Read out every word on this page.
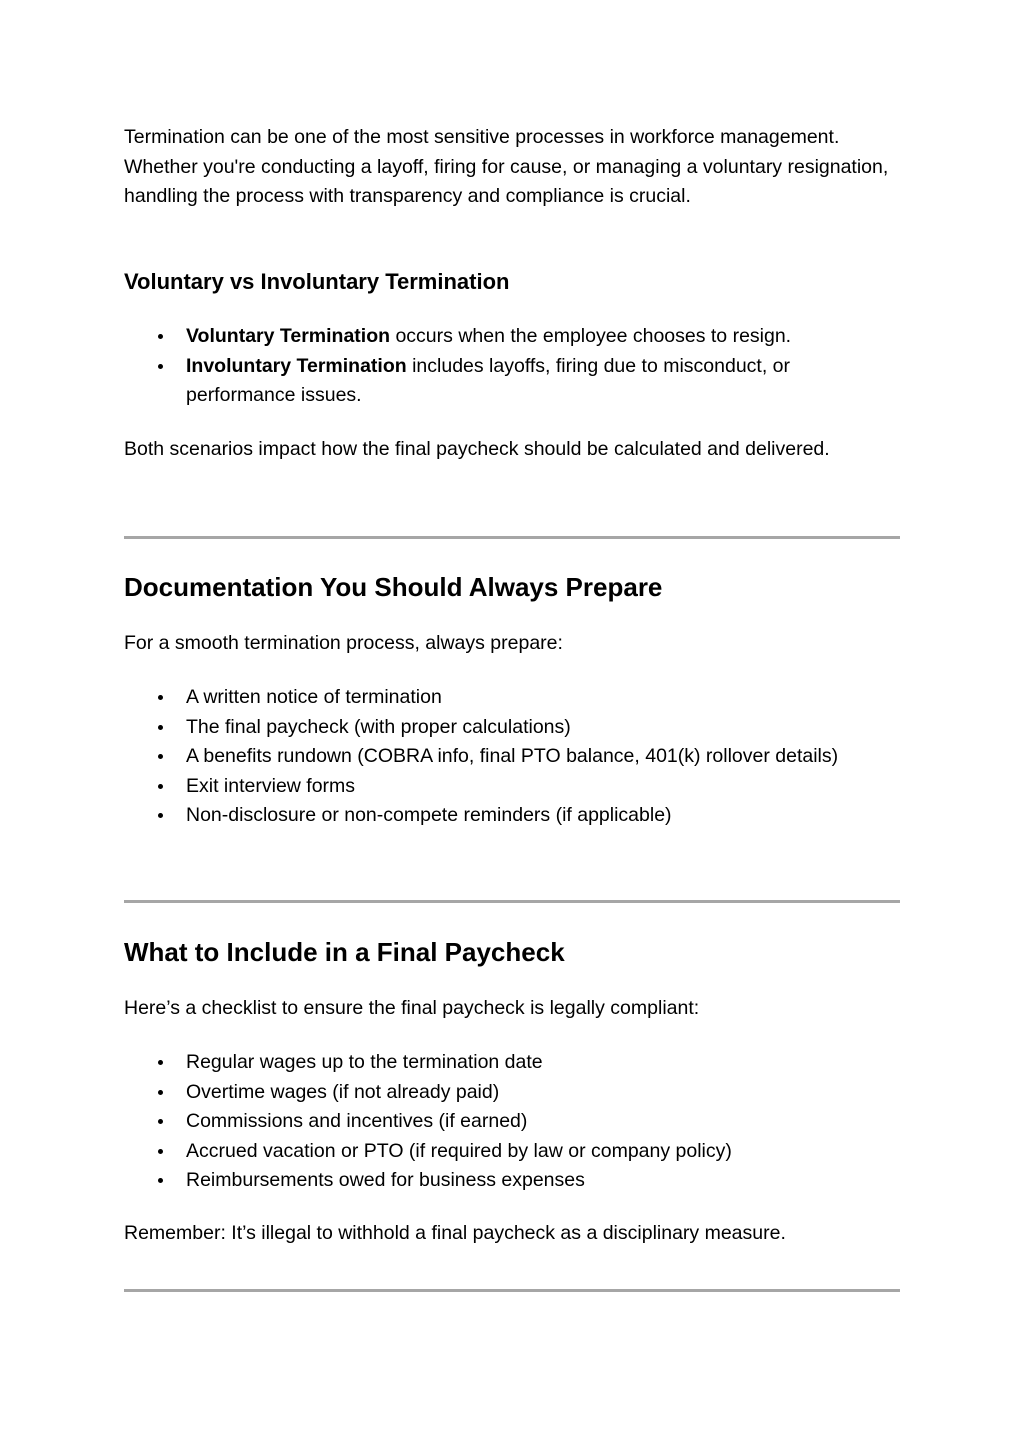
Termination can be one of the most sensitive processes in workforce management. Whether you're conducting a layoff, firing for cause, or managing a voluntary resignation, handling the process with transparency and compliance is crucial.

Voluntary vs Involuntary Termination
Voluntary Termination occurs when the employee chooses to resign.
Involuntary Termination includes layoffs, firing due to misconduct, or performance issues.

Both scenarios impact how the final paycheck should be calculated and delivered.

Documentation You Should Always Prepare

For a smooth termination process, always prepare:

A written notice of termination
The final paycheck (with proper calculations)
A benefits rundown (COBRA info, final PTO balance, 401(k) rollover details)
Exit interview forms
Non-disclosure or non-compete reminders (if applicable)
What to Include in a Final Paycheck

Here’s a checklist to ensure the final paycheck is legally compliant:

Regular wages up to the termination date
Overtime wages (if not already paid)
Commissions and incentives (if earned)
Accrued vacation or PTO (if required by law or company policy)
Reimbursements owed for business expenses

Remember: It’s illegal to withhold a final paycheck as a disciplinary measure.
